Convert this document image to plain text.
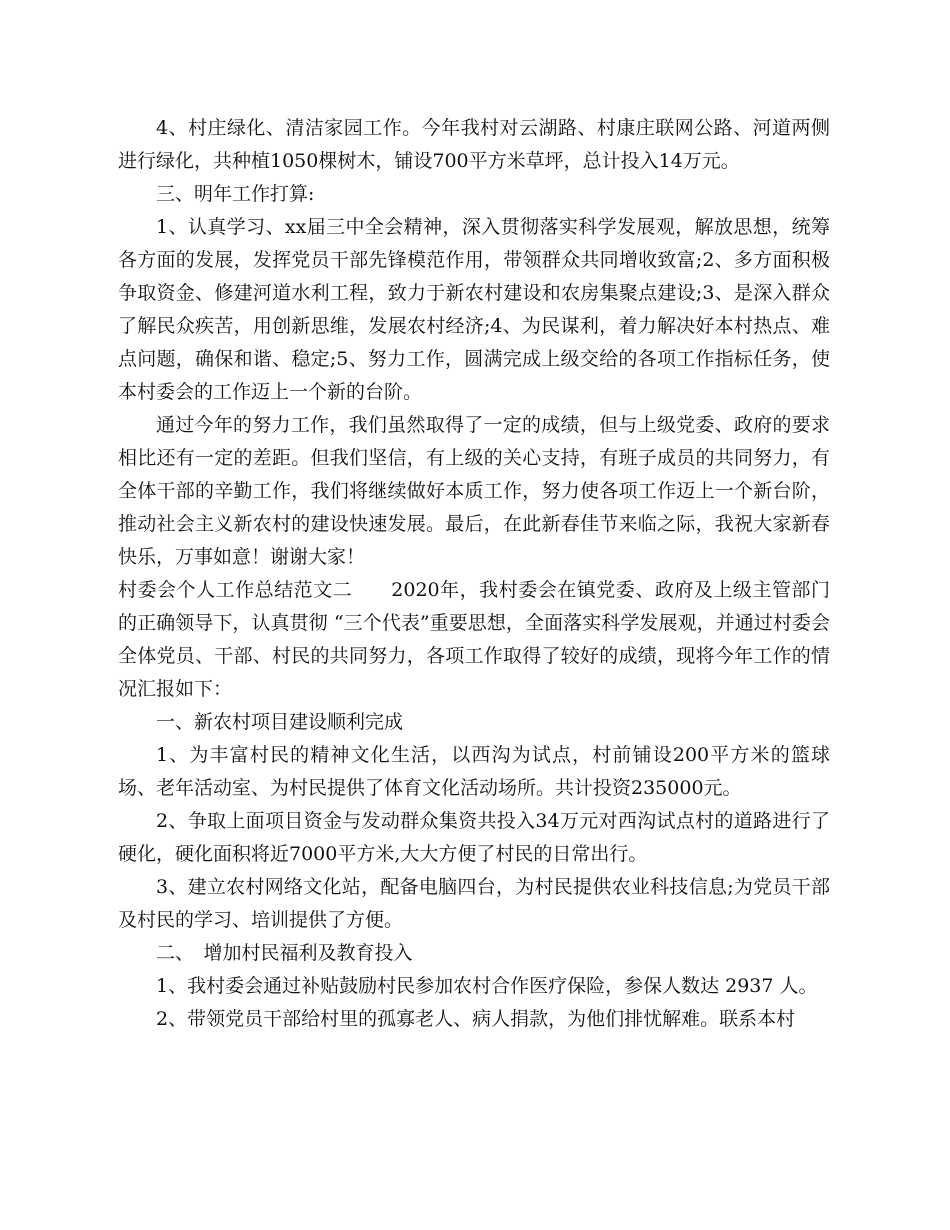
4、村庄绿化、清洁家园工作。今年我村对云湖路、村康庄联网公路、河道两侧进行绿化，共种植1050棵树木，铺设700平方米草坪，总计投入14万元。

三、明年工作打算:

1、认真学习、xx届三中全会精神，深入贯彻落实科学发展观，解放思想，统筹各方面的发展，发挥党员干部先锋模范作用，带领群众共同增收致富;2、多方面积极争取资金、修建河道水利工程，致力于新农村建设和农房集聚点建设;3、是深入群众了解民众疾苦，用创新思维，发展农村经济;4、为民谋利，着力解决好本村热点、难点问题，确保和谐、稳定;5、努力工作，圆满完成上级交给的各项工作指标任务，使本村委会的工作迈上一个新的台阶。

通过今年的努力工作，我们虽然取得了一定的成绩，但与上级党委、政府的要求相比还有一定的差距。但我们坚信，有上级的关心支持，有班子成员的共同努力，有全体干部的辛勤工作，我们将继续做好本质工作，努力使各项工作迈上一个新台阶，推动社会主义新农村的建设快速发展。最后，在此新春佳节来临之际，我祝大家新春快乐，万事如意！谢谢大家！

村委会个人工作总结范文二　　2020年，我村委会在镇党委、政府及上级主管部门的正确领导下，认真贯彻 “三个代表”重要思想，全面落实科学发展观，并通过村委会全体党员、干部、村民的共同努力，各项工作取得了较好的成绩，现将今年工作的情况汇报如下：

一、新农村项目建设顺利完成

1、为丰富村民的精神文化生活，以西沟为试点，村前铺设200平方米的篮球场、老年活动室、为村民提供了体育文化活动场所。共计投资235000元。

2、争取上面项目资金与发动群众集资共投入34万元对西沟试点村的道路进行了硬化，硬化面积将近7000平方米,大大方便了村民的日常出行。

3、建立农村网络文化站，配备电脑四台，为村民提供农业科技信息;为党员干部及村民的学习、培训提供了方便。

二、　增加村民福利及教育投入

1、我村委会通过补贴鼓励村民参加农村合作医疗保险，参保人数达 2937 人。

2、带领党员干部给村里的孤寡老人、病人捐款，为他们排忧解难。联系本村
